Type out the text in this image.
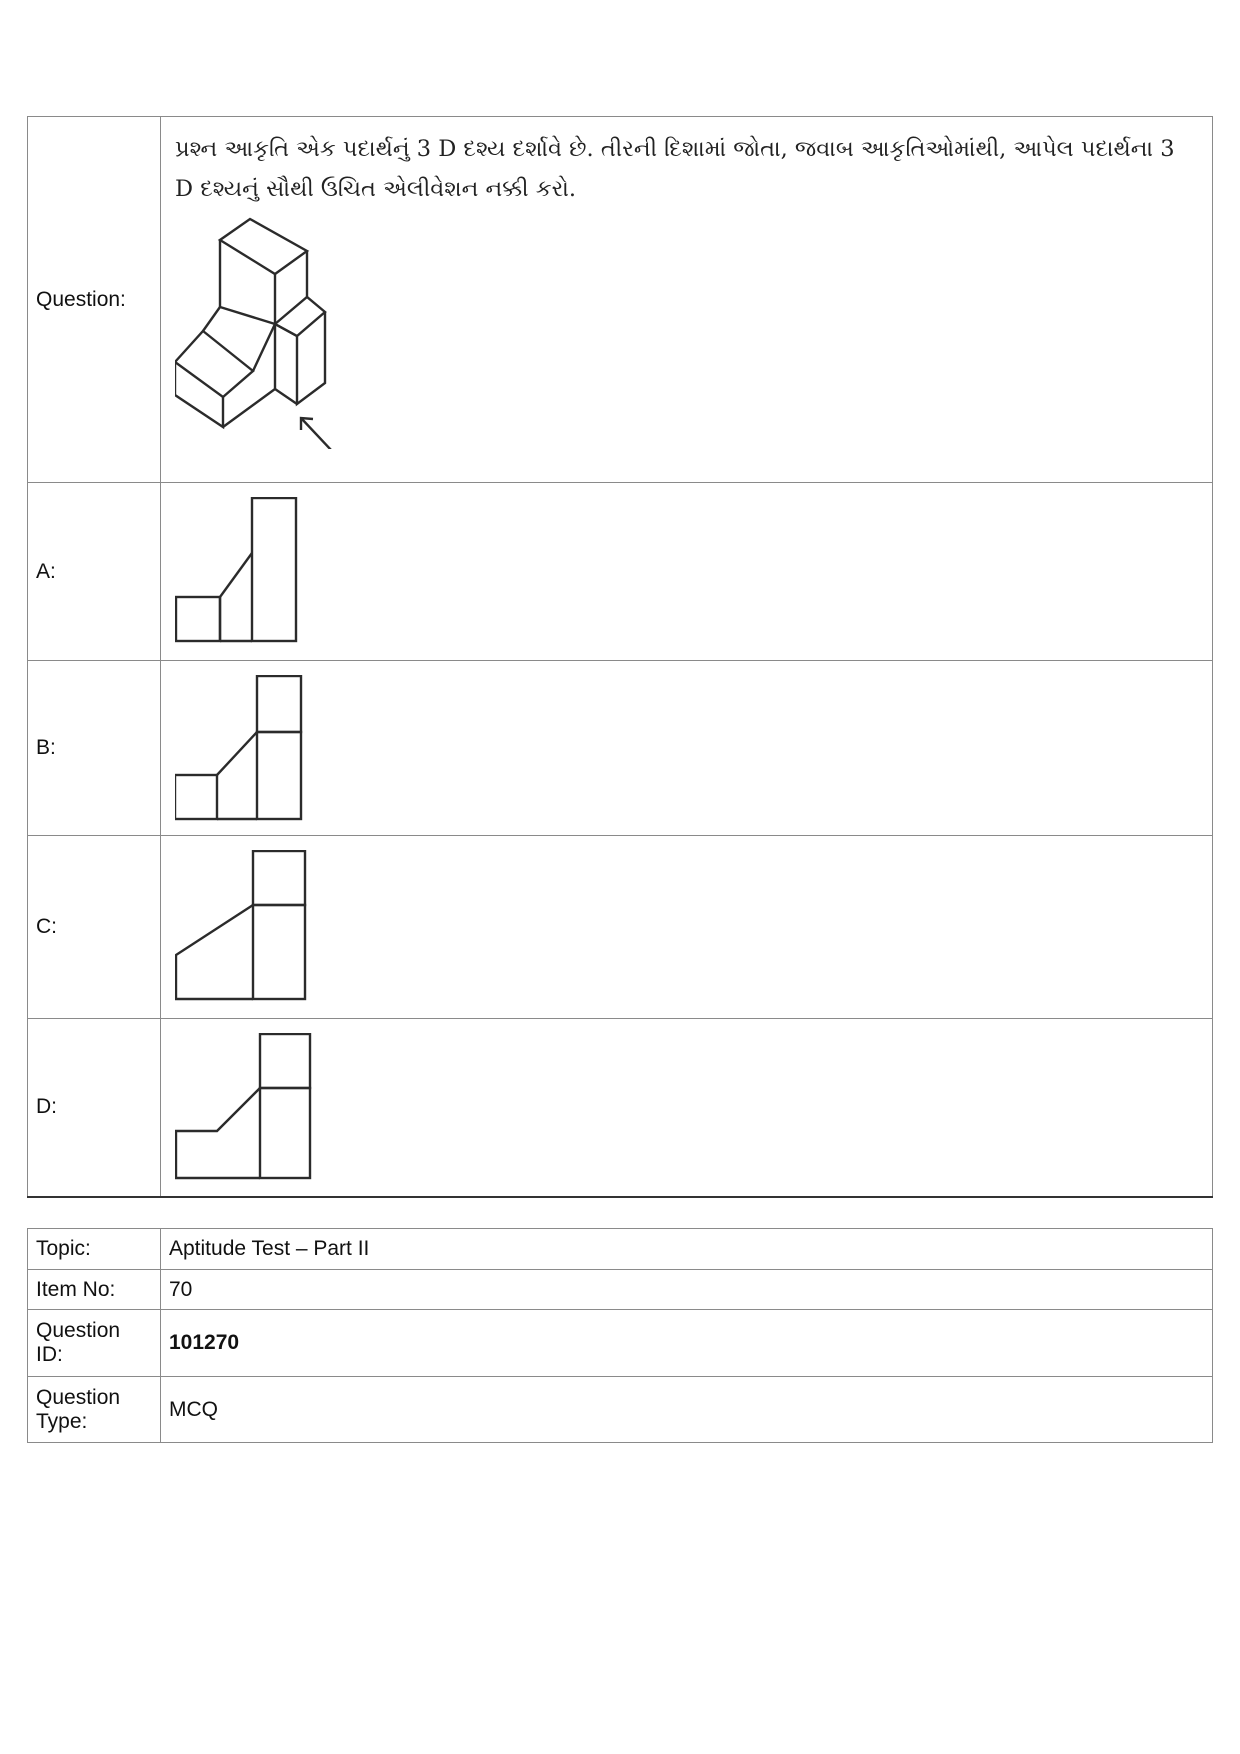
Question:	પ્રશ્ન આકૃતિ એક પદાર્થનું 3 D દશ્ય દર્શાવે છે. તીરની દિશામાં જોતા, જવાબ આકૃતિઓમાંથી, આપેલ પદાર્થના 3 D દશ્યનું સૌથી ઉચિત એલીવેશન નક્કી કરો.

A:	
B:	
C:	
D:	
Topic:	Aptitude Test – Part II
Item No:	70
Question ID:	101270
Question Type:	MCQ
